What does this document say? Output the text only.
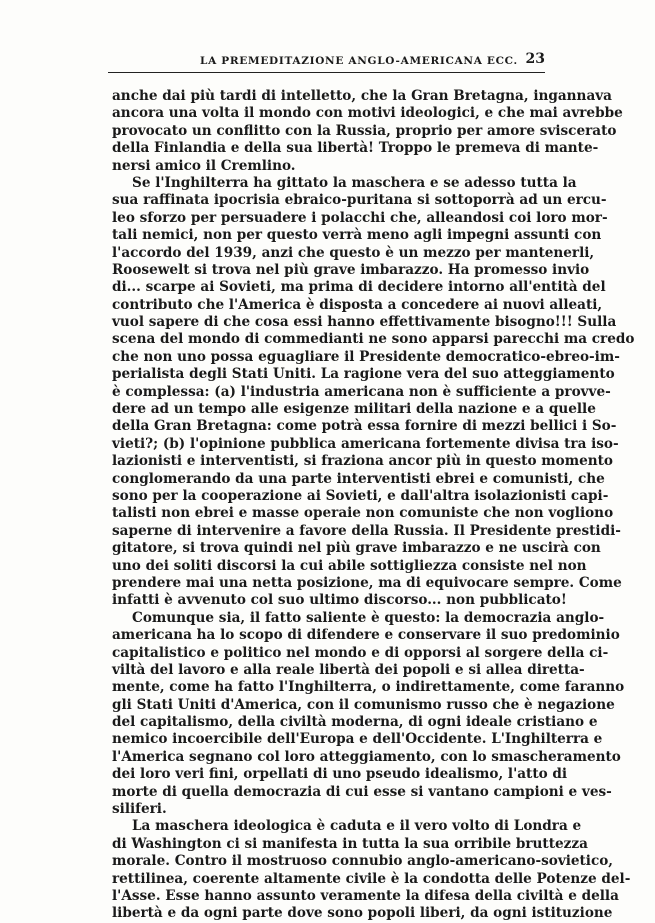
LA PREMEDITAZIONE ANGLO-AMERICANA ECC. 23
anche dai più tardi di intelletto, che la Gran Bretagna, ingannava
ancora una volta il mondo con motivi ideologici, e che mai avrebbe
provocato un conflitto con la Russia, proprio per amore sviscerato
della Finlandia e della sua libertà! Troppo le premeva di mante-
nersi amico il Cremlino.
Se l'Inghilterra ha gittato la maschera e se adesso tutta la
sua raffinata ipocrisia ebraico-puritana si sottoporrà ad un ercu-
leo sforzo per persuadere i polacchi che, alleandosi coi loro mor-
tali nemici, non per questo verrà meno agli impegni assunti con
l'accordo del 1939, anzi che questo è un mezzo per mantenerli,
Roosewelt si trova nel più grave imbarazzo. Ha promesso invio
di... scarpe ai Sovieti, ma prima di decidere intorno all'entità del
contributo che l'America è disposta a concedere ai nuovi alleati,
vuol sapere di che cosa essi hanno effettivamente bisogno!!! Sulla
scena del mondo di commedianti ne sono apparsi parecchi ma credo
che non uno possa eguagliare il Presidente democratico-ebreo-im-
perialista degli Stati Uniti. La ragione vera del suo atteggiamento
è complessa: (a) l'industria americana non è sufficiente a provve-
dere ad un tempo alle esigenze militari della nazione e a quelle
della Gran Bretagna: come potrà essa fornire di mezzi bellici i So-
vieti?; (b) l'opinione pubblica americana fortemente divisa tra iso-
lazionisti e interventisti, si fraziona ancor più in questo momento
conglomerando da una parte interventisti ebrei e comunisti, che
sono per la cooperazione ai Sovieti, e dall'altra isolazionisti capi-
talisti non ebrei e masse operaie non comuniste che non vogliono
saperne di intervenire a favore della Russia. Il Presidente prestidi-
gitatore, si trova quindi nel più grave imbarazzo e ne uscirà con
uno dei soliti discorsi la cui abile sottigliezza consiste nel non
prendere mai una netta posizione, ma di equivocare sempre. Come
infatti è avvenuto col suo ultimo discorso... non pubblicato!
Comunque sia, il fatto saliente è questo: la democrazia anglo-
americana ha lo scopo di difendere e conservare il suo predominio
capitalistico e politico nel mondo e di opporsi al sorgere della ci-
viltà del lavoro e alla reale libertà dei popoli e si allea diretta-
mente, come ha fatto l'Inghilterra, o indirettamente, come faranno
gli Stati Uniti d'America, con il comunismo russo che è negazione
del capitalismo, della civiltà moderna, di ogni ideale cristiano e
nemico incoercibile dell'Europa e dell'Occidente. L'Inghilterra e
l'America segnano col loro atteggiamento, con lo smascheramento
dei loro veri fini, orpellati di uno pseudo idealismo, l'atto di
morte di quella democrazia di cui esse si vantano campioni e ves-
siliferi.
La maschera ideologica è caduta e il vero volto di Londra e
di Washington ci si manifesta in tutta la sua orribile bruttezza
morale. Contro il mostruoso connubio anglo-americano-sovietico,
rettilinea, coerente altamente civile è la condotta delle Potenze del-
l'Asse. Esse hanno assunto veramente la difesa della civiltà e della
libertà e da ogni parte dove sono popoli liberi, da ogni istituzione
